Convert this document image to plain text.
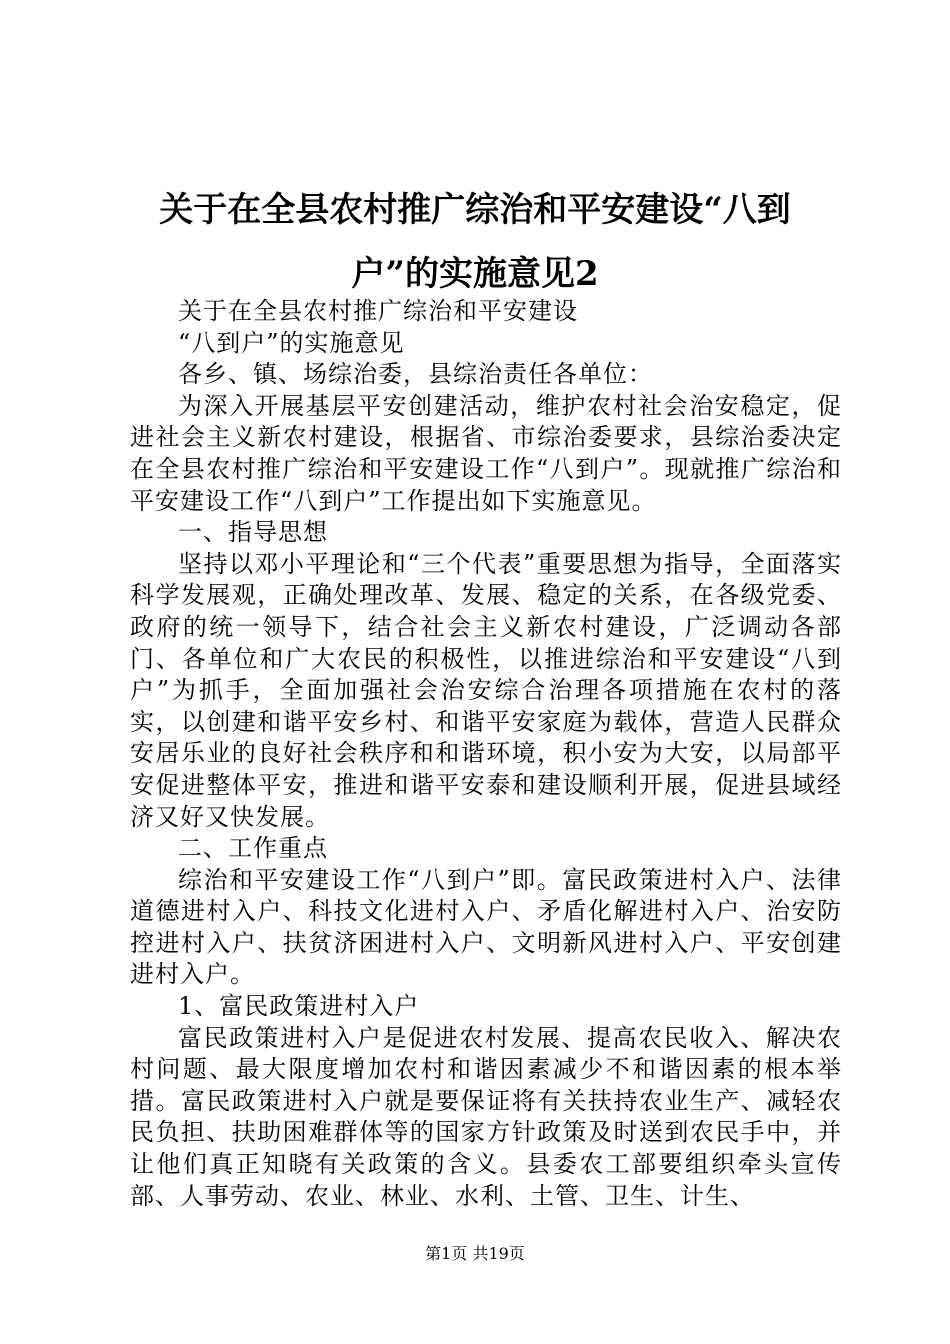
关于在全县农村推广综治和平安建设“八到
户”的实施意见2

关于在全县农村推广综治和平安建设

“八到户”的实施意见

各乡、镇、场综治委，县综治责任各单位：

为深入开展基层平安创建活动，维护农村社会治安稳定，促进社会主义新农村建设，根据省、市综治委要求，县综治委决定在全县农村推广综治和平安建设工作“八到户”。现就推广综治和平安建设工作“八到户”工作提出如下实施意见。

一、指导思想

坚持以邓小平理论和“三个代表”重要思想为指导，全面落实科学发展观，正确处理改革、发展、稳定的关系，在各级党委、政府的统一领导下，结合社会主义新农村建设，广泛调动各部门、各单位和广大农民的积极性，以推进综治和平安建设“八到户”为抓手，全面加强社会治安综合治理各项措施在农村的落实，以创建和谐平安乡村、和谐平安家庭为载体，营造人民群众安居乐业的良好社会秩序和和谐环境，积小安为大安，以局部平安促进整体平安，推进和谐平安泰和建设顺利开展，促进县域经济又好又快发展。

二、工作重点

综治和平安建设工作“八到户”即。富民政策进村入户、法律道德进村入户、科技文化进村入户、矛盾化解进村入户、治安防控进村入户、扶贫济困进村入户、文明新风进村入户、平安创建进村入户。

1、富民政策进村入户

富民政策进村入户是促进农村发展、提高农民收入、解决农村问题、最大限度增加农村和谐因素减少不和谐因素的根本举措。富民政策进村入户就是要保证将有关扶持农业生产、减轻农民负担、扶助困难群体等的国家方针政策及时送到农民手中，并让他们真正知晓有关政策的含义。县委农工部要组织牵头宣传部、人事劳动、农业、林业、水利、土管、卫生、计生、

第1页 共19页
